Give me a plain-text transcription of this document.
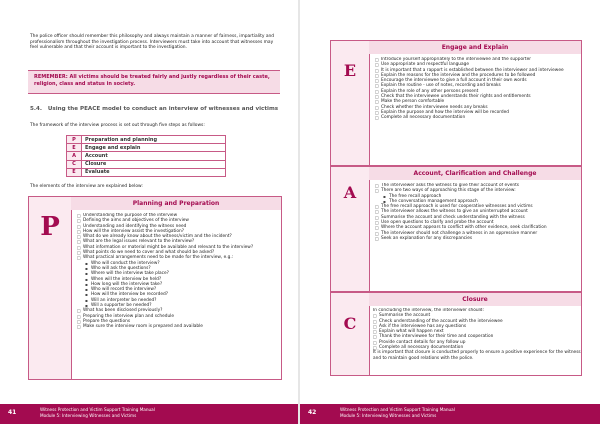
The police officer should remember this philosophy and always maintain a manner of fairness, impartiality and professionalism throughout the investigation process. Interviewers must take into account that witnesses may feel vulnerable and that their account is important to the investigation.
REMEMBER: All victims should be treated fairly and justly regardless of their caste, religion, class and status in society.
5.4. Using the PEACE model to conduct an interview of witnesses and victims
The framework of the interview process is set out through five steps as follows:
P	Preparation and planning
E	Engage and explain
A	Account
C	Closure
E	Evaluate
The elements of the interview are explained below:
P
Planning and Preparation
□ Understanding the purpose of the interview
□ Defining the aims and objectives of the interview
□ Understanding and identifying the witness need
□ How will the interview assist the investigation?
□ What do we already know about the witness/victim and the incident?
□ What are the legal issues relevant to the interview?
□ What information or material might be available and relevant to the interview?
□ What points do we need to cover and what should be asked?
□ What practical arrangements need to be made for the interview, e.g.:
▪ Who will conduct the interview?
▪ Who will ask the questions?
▪ Where will the interview take place?
▪ When will the interview be held?
▪ How long will the interview take?
▪ Who will record the interview?
▪ How will the interview be recorded?
▪ Will an interpreter be needed?
▪ Will a supporter be needed?
□ What has been disclosed previously?
□ Preparing the interview plan and schedule
□ Prepare the questions
□ Make sure the interview room is prepared and available
41	Witness Protection and Victim Support Training Manual
Module 5: Interviewing Witnesses and Victims
E
Engage and Explain
□ Introduce yourself appropriately to the interviewee and the supporter
□ Use appropriate and respectful language
□ It is important that a rapport is established between the interviewer and interviewee
□ Explain the reasons for the interview and the procedures to be followed
□ Encourage the interviewee to give a full account in their own words
□ Explain the routine - use of notes, recording and breaks
□ Explain the role of any other persons present
□ Check that the interviewee understands their rights and entitlements
□ Make the person comfortable
□ Check whether the interviewee needs any breaks
□ Explain the purpose and how the interview will be recorded
□ Complete all necessary documentation
A
Account, Clarification and Challenge
□ The interviewer asks the witness to give their account of events
□ There are two ways of approaching this stage of the interview:
▪ The free recall approach
▪ The conversation management approach
□ The free recall approach is used for cooperative witnesses and victims
□ The interviewer allows the witness to give an uninterrupted account
□ Summarise the account and check understanding with the witness
□ Use open questions to clarify and probe the account
□ Where the account appears to conflict with other evidence, seek clarification
□ The interviewer should not challenge a witness in an oppressive manner
□ Seek an explanation for any discrepancies
C
Closure
In concluding the interview, the interviewer should:
□ Summarise the account
□ Check understanding of the account with the interviewee
□ Ask if the interviewee has any questions
□ Explain what will happen next
□ Thank the interviewee for their time and cooperation
□ Provide contact details for any follow up
□ Complete all necessary documentation
It is important that closure is conducted properly to ensure a positive experience for the witness and to maintain good relations with the police.
42	Witness Protection and Victim Support Training Manual
Module 5: Interviewing Witnesses and Victims
